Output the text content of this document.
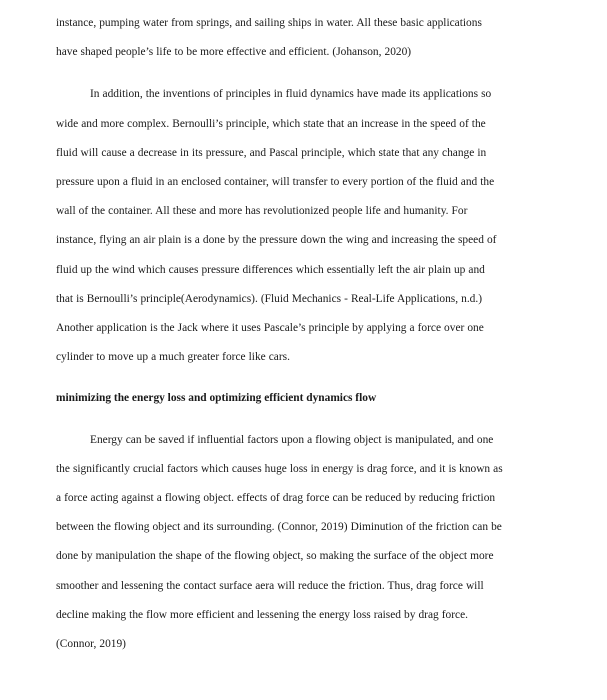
instance, pumping water from springs, and sailing ships in water. All these basic applications
have shaped people’s life to be more effective and efficient. (Johanson, 2020)

In addition, the inventions of principles in fluid dynamics have made its applications so
wide and more complex. Bernoulli’s principle, which state that an increase in the speed of the
fluid will cause a decrease in its pressure, and Pascal principle, which state that any change in
pressure upon a fluid in an enclosed container, will transfer to every portion of the fluid and the
wall of the container. All these and more has revolutionized people life and humanity. For
instance, flying an air plain is a done by the pressure down the wing and increasing the speed of
fluid up the wind which causes pressure differences which essentially left the air plain up and
that is Bernoulli’s principle(Aerodynamics). (Fluid Mechanics - Real-Life Applications, n.d.)
Another application is the Jack where it uses Pascale’s principle by applying a force over one
cylinder to move up a much greater force like cars.

minimizing the energy loss and optimizing efficient dynamics flow

Energy can be saved if influential factors upon a flowing object is manipulated, and one
the significantly crucial factors which causes huge loss in energy is drag force, and it is known as
a force acting against a flowing object. effects of drag force can be reduced by reducing friction
between the flowing object and its surrounding. (Connor, 2019) Diminution of the friction can be
done by manipulation the shape of the flowing object, so making the surface of the object more
smoother and lessening the contact surface aera will reduce the friction. Thus, drag force will
decline making the flow more efficient and lessening the energy loss raised by drag force.
(Connor, 2019)
